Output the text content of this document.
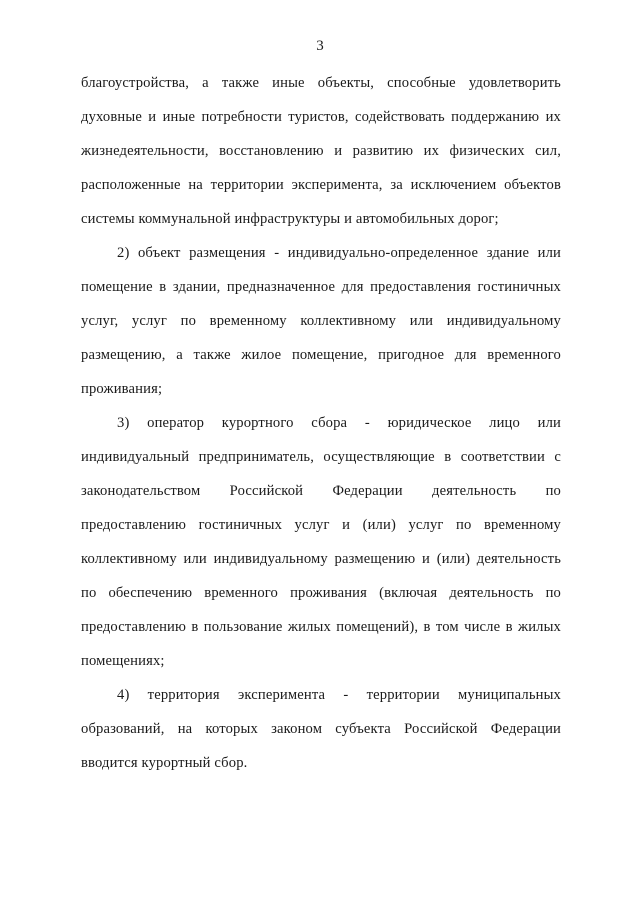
3

благоустройства, а также иные объекты, способные удовлетворить духовные и иные потребности туристов, содействовать поддержанию их жизнедеятельности, восстановлению и развитию их физических сил, расположенные на территории эксперимента, за исключением объектов системы коммунальной инфраструктуры и автомобильных дорог;

2) объект размещения - индивидуально-определенное здание или помещение в здании, предназначенное для предоставления гостиничных услуг, услуг по временному коллективному или индивидуальному размещению, а также жилое помещение, пригодное для временного проживания;

3) оператор курортного сбора - юридическое лицо или индивидуальный предприниматель, осуществляющие в соответствии с законодательством Российской Федерации деятельность по предоставлению гостиничных услуг и (или) услуг по временному коллективному или индивидуальному размещению и (или) деятельность по обеспечению временного проживания (включая деятельность по предоставлению в пользование жилых помещений), в том числе в жилых помещениях;

4) территория эксперимента - территории муниципальных образований, на которых законом субъекта Российской Федерации вводится курортный сбор.
